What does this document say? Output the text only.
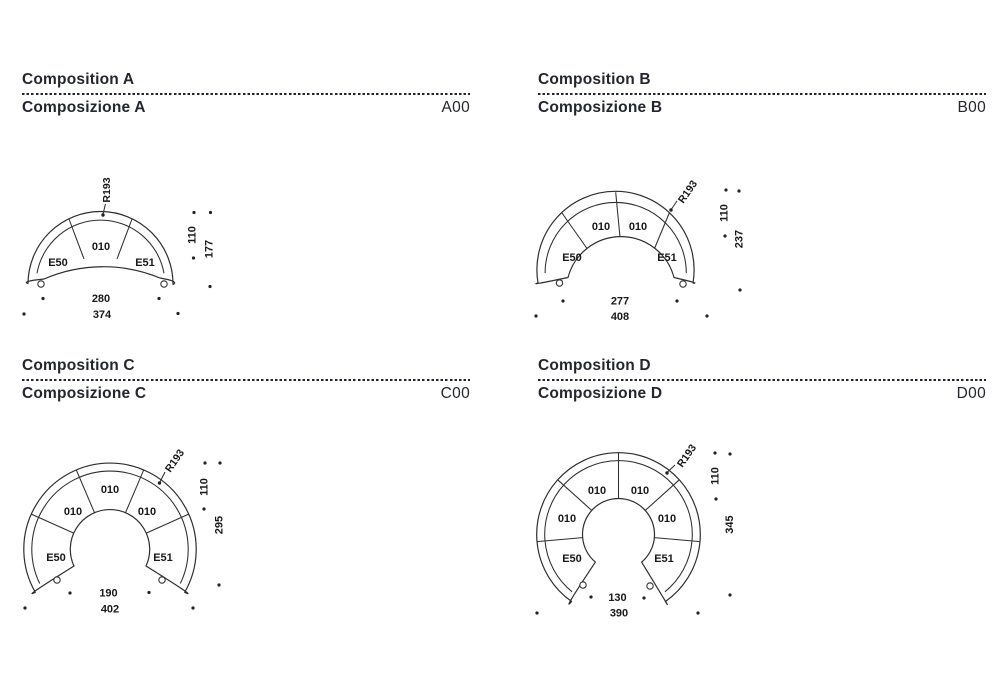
Composition A
Composizione A	A00
Composition B
Composizione B	B00
Composition C
Composizione C	C00
Composition D
Composizione D	D00
R193
E50
010
E51
110
177
280
374
R193
E50
010 010
E51
110
237
277
408
R193
E50
010
010
010
E51
110
295
190
402
R193
E50
010
010 010
010
E51
110
345
130
390
